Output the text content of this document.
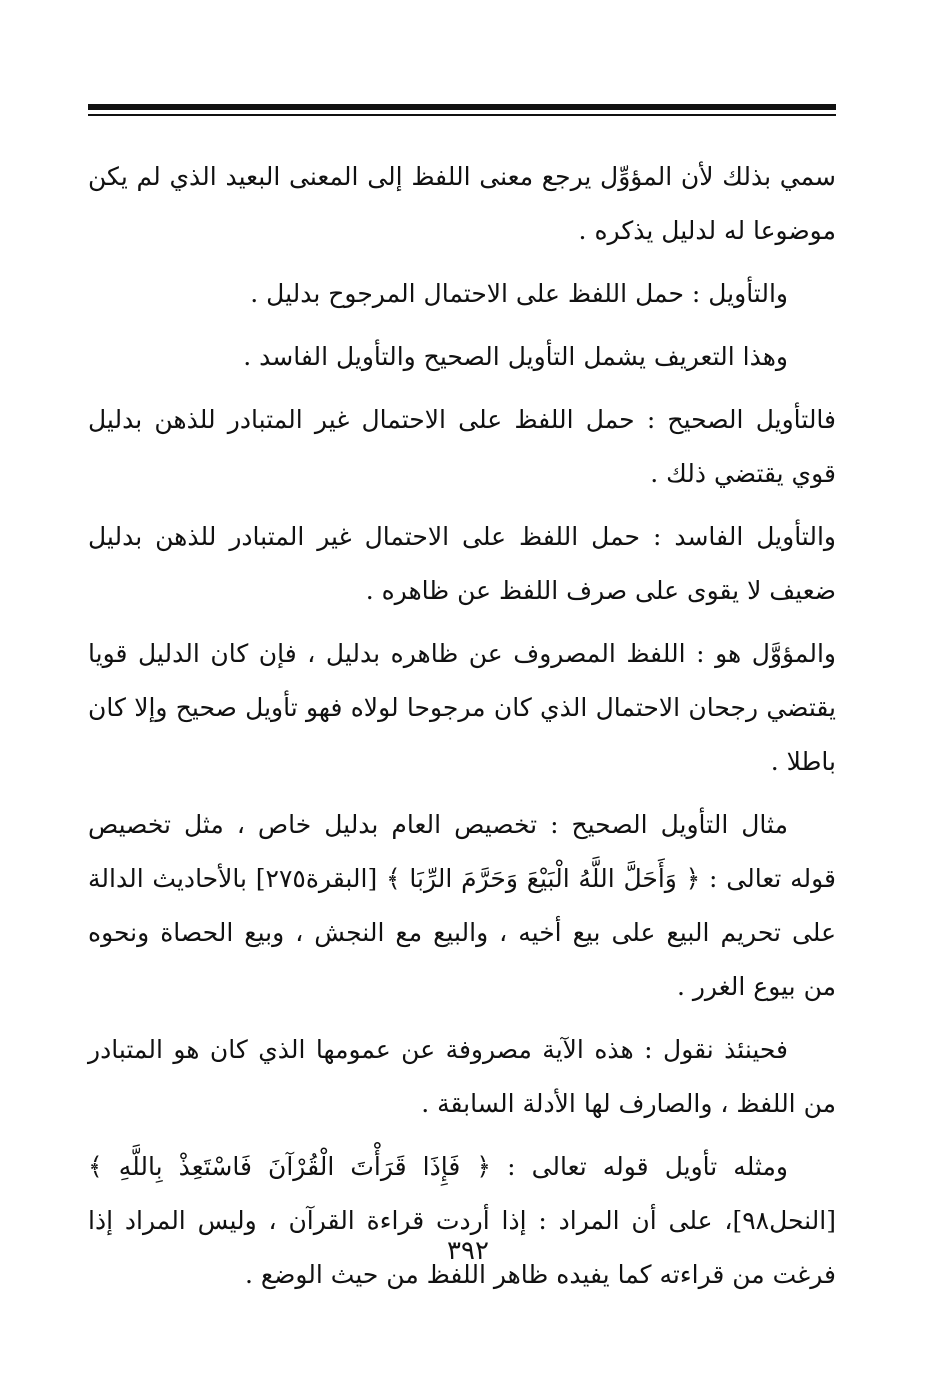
سمي بذلك لأن المؤوِّل يرجع معنى اللفظ إلى المعنى البعيد الذي لم يكن موضوعا له لدليل يذكره .

والتأويل : حمل اللفظ على الاحتمال المرجوح بدليل .

وهذا التعريف يشمل التأويل الصحيح والتأويل الفاسد .

فالتأويل الصحيح : حمل اللفظ على الاحتمال غير المتبادر للذهن بدليل قوي يقتضي ذلك .

والتأويل الفاسد : حمل اللفظ على الاحتمال غير المتبادر للذهن بدليل ضعيف لا يقوى على صرف اللفظ عن ظاهره .

والمؤوَّل هو : اللفظ المصروف عن ظاهره بدليل ، فإن كان الدليل قويا يقتضي رجحان الاحتمال الذي كان مرجوحا لولاه فهو تأويل صحيح وإلا كان باطلا .

مثال التأويل الصحيح : تخصيص العام بدليل خاص ، مثل تخصيص قوله تعالى : ﴿ وَأَحَلَّ اللَّهُ الْبَيْعَ وَحَرَّمَ الرِّبَا ﴾ [البقرة٢٧٥] بالأحاديث الدالة على تحريم البيع على بيع أخيه ، والبيع مع النجش ، وبيع الحصاة ونحوه من بيوع الغرر .

فحينئذ نقول : هذه الآية مصروفة عن عمومها الذي كان هو المتبادر من اللفظ ، والصارف لها الأدلة السابقة .

ومثله تأويل قوله تعالى : ﴿ فَإِذَا قَرَأْتَ الْقُرْآنَ فَاسْتَعِذْ بِاللَّهِ ﴾ [النحل٩٨]، على أن المراد : إذا أردت قراءة القرآن ، وليس المراد إذا فرغت من قراءته كما يفيده ظاهر اللفظ من حيث الوضع .

٣٩٢
